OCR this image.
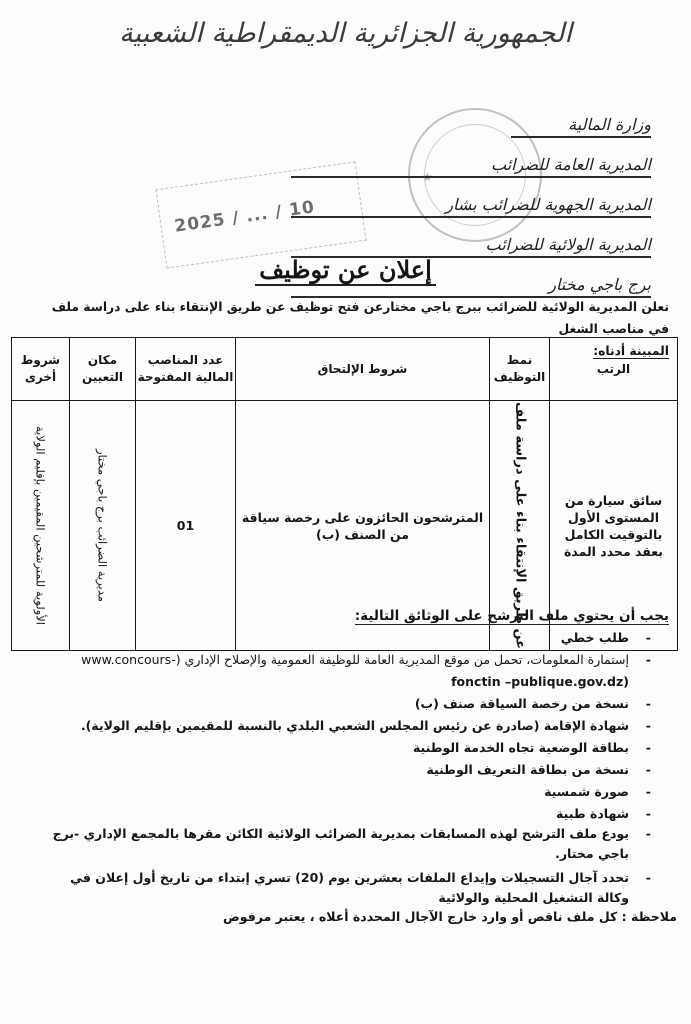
الجمهورية الجزائرية الديمقراطية الشعبية
★
2025 / ... / 10
وزارة المالية
المديرية العامة للضرائب
المديرية الجهوية للضرائب بشار
المديرية الولائية للضرائب
برج باجي مختار
إعلان عن توظيف
تعلن المديرية الولائية للضرائب ببرج باجي مختارعن فتح توظيف عن طريق الإنتقاء بناء على دراسة ملف في مناصب الشغل
المبينة أدناه:
الرتب	نمط التوظيف	شروط الإلتحاق	عدد المناصب المالية المفتوحة	مكان التعيين	شروط أخرى
سائق سيارة من المستوى الأول بالتوقيت الكامل بعقد محدد المدة	عن طريق الإنتقاء بناء على دراسة ملف	المترشحون الحائزون على رخصة سياقة من الصنف (ب)	01	مديرية الضرائب برج باجي مختار	الأولوية للمترشحين المقيمين بإقليم الولاية	يجب أن يحتوي ملف الترشح على الوثائق التالية:
- طلب خطي
- إستمارة المعلومات، تحمل من موقع المديرية العامة للوظيفة العمومية والإصلاح الإداري (-www.concours
fonctin –publique.gov.dz)
- نسخة من رخصة السياقة صنف (ب)
- شهادة الإقامة (صادرة عن رئيس المجلس الشعبي البلدي بالنسبة للمقيمين بإقليم الولاية).
- بطاقة الوضعية تجاه الخدمة الوطنية
- نسخة من بطاقة التعريف الوطنية
- صورة شمسية
- شهادة طبية
- يودع ملف الترشح لهذه المسابقات بمديرية الضرائب الولائية الكائن مقرها بالمجمع الإداري -برج باجي مختار.
- تحدد آجال التسجيلات وإيداع الملفات بعشرين يوم (20) تسري إبتداء من تاريخ أول إعلان في وكالة التشغيل المحلية والولائية
ملاحظة : كل ملف ناقص أو وارد خارج الآجال المحددة أعلاه ، يعتبر مرفوض
